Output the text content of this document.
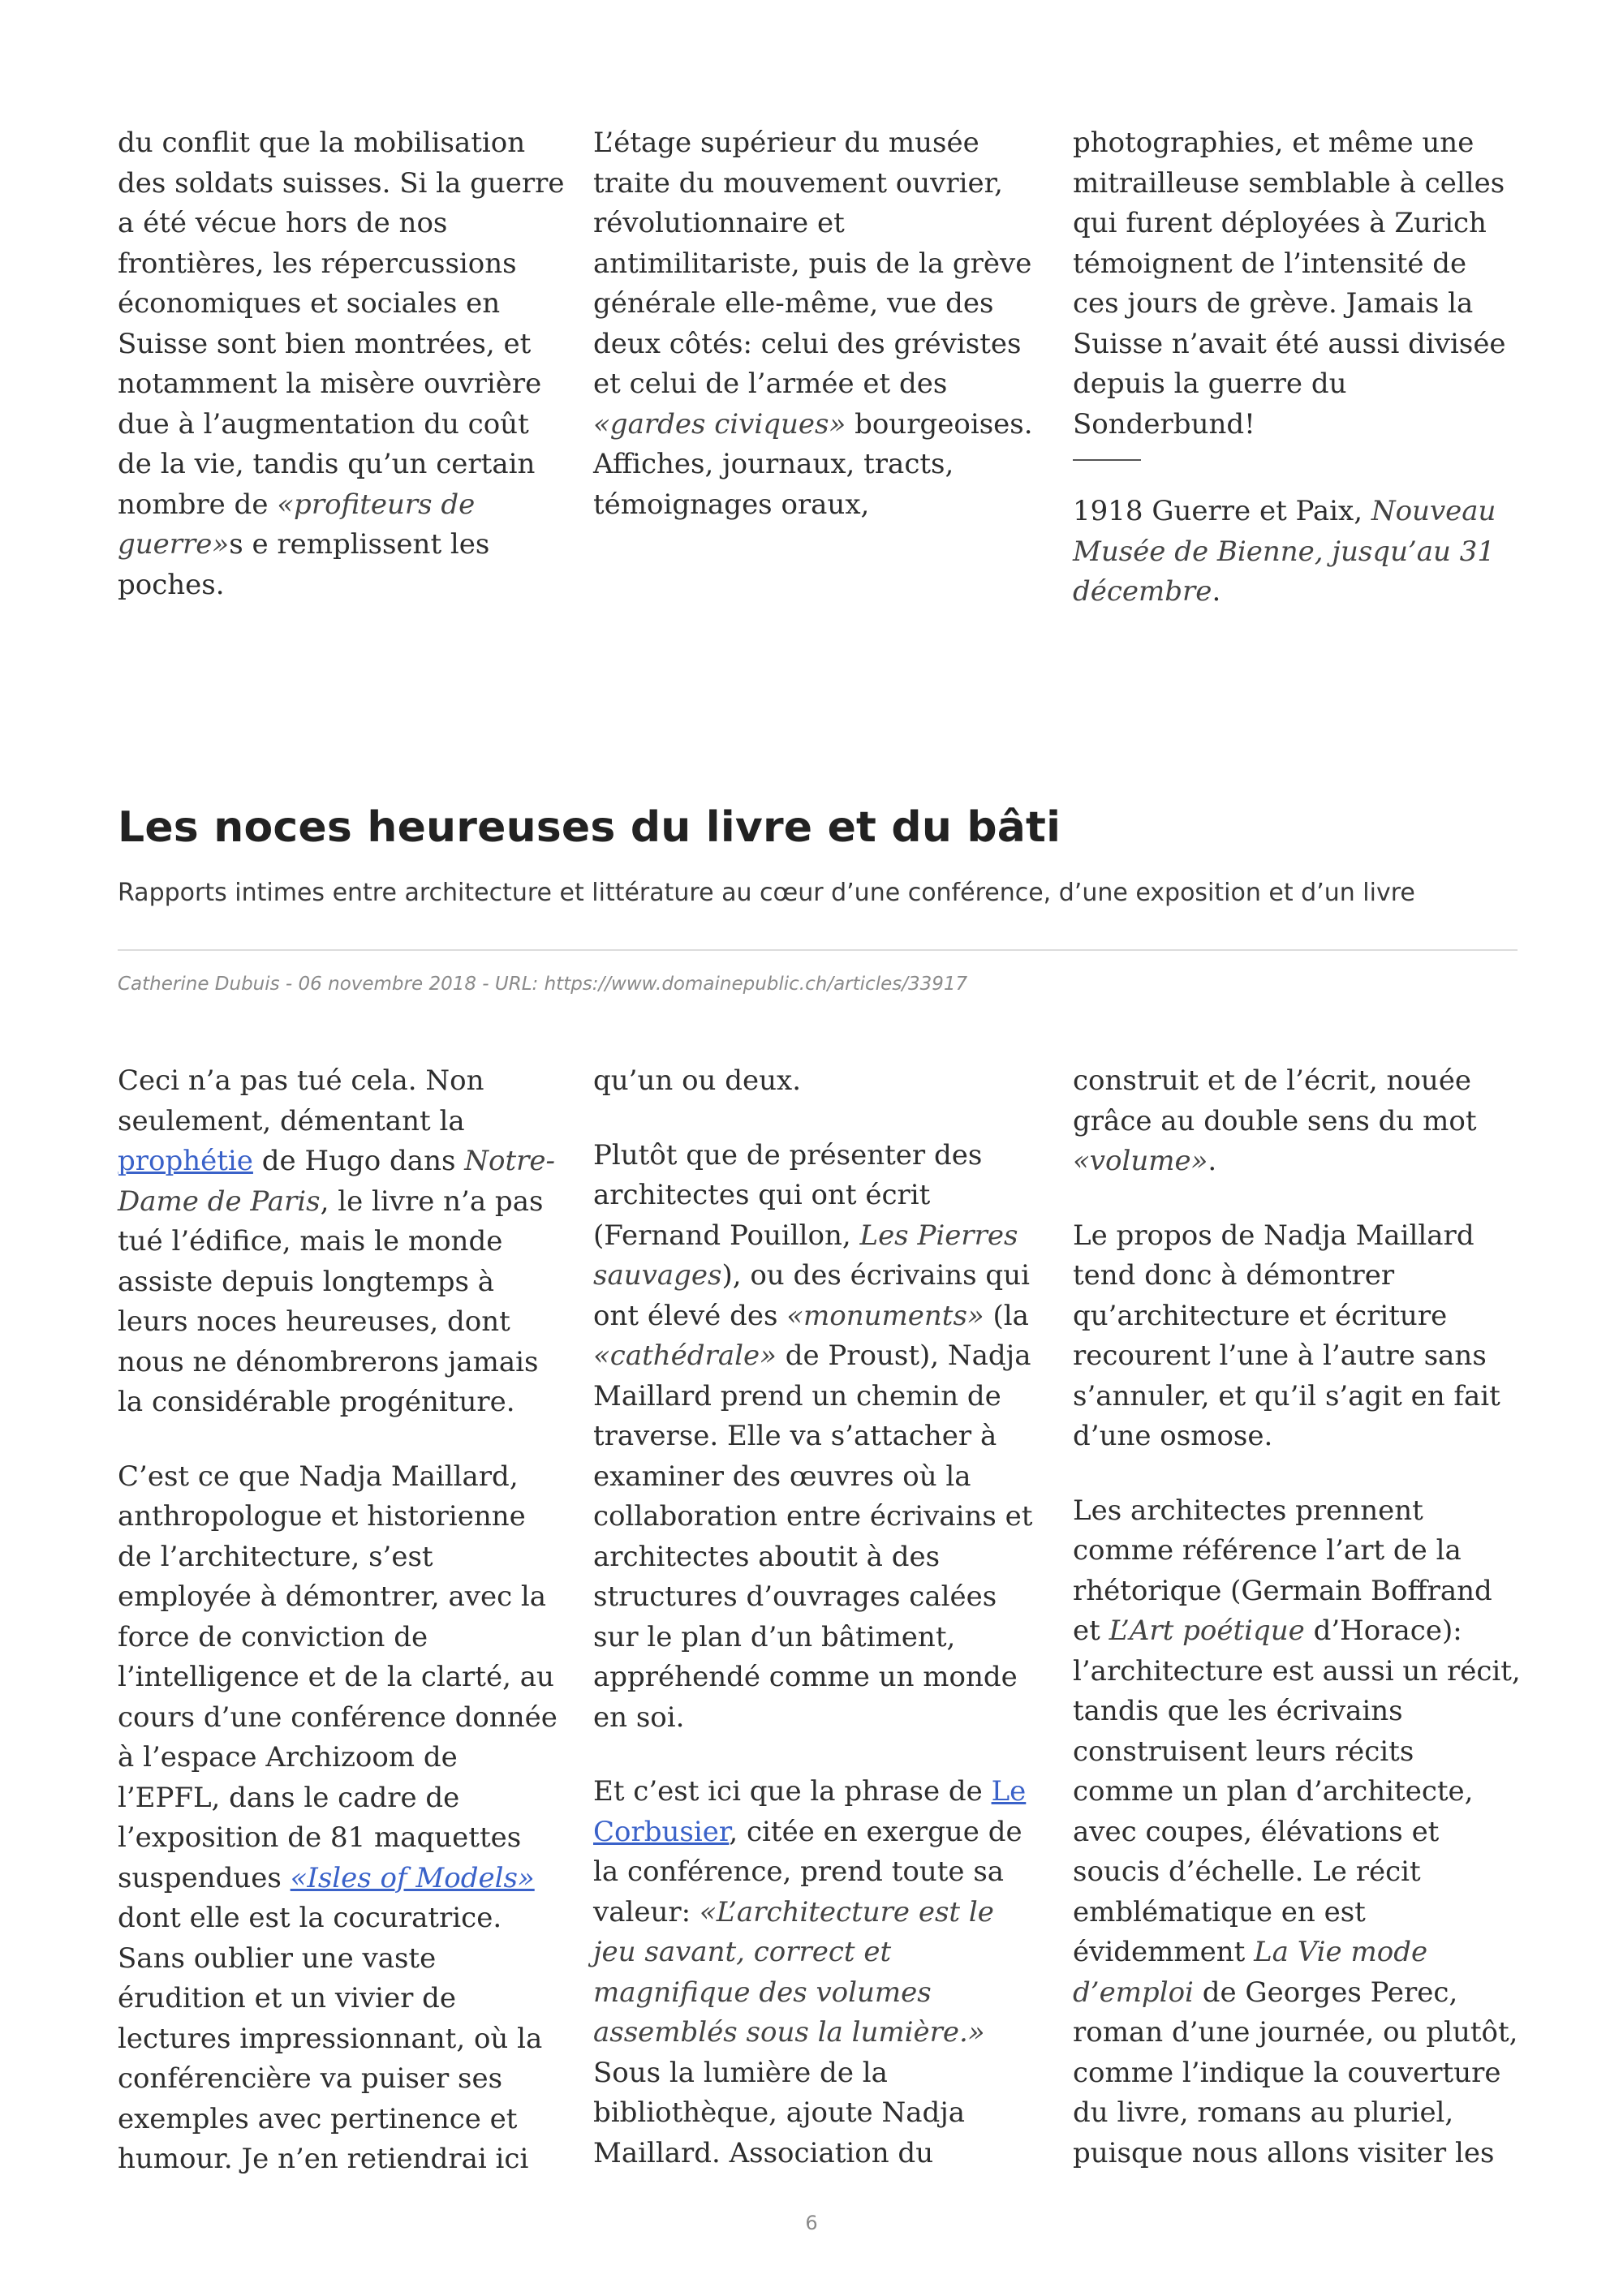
du conflit que la mobilisation
des soldats suisses. Si la guerre
a été vécue hors de nos
frontières, les répercussions
économiques et sociales en
Suisse sont bien montrées, et
notamment la misère ouvrière
due à l’augmentation du coût
de la vie, tandis qu’un certain
nombre de «profiteurs de
guerre»s e remplissent les
poches.

L’étage supérieur du musée
traite du mouvement ouvrier,
révolutionnaire et
antimilitariste, puis de la grève
générale elle-même, vue des
deux côtés: celui des grévistes
et celui de l’armée et des
«gardes civiques» bourgeoises.
Affiches, journaux, tracts,
témoignages oraux,

photographies, et même une
mitrailleuse semblable à celles
qui furent déployées à Zurich
témoignent de l’intensité de
ces jours de grève. Jamais la
Suisse n’avait été aussi divisée
depuis la guerre du
Sonderbund!

1918 Guerre et Paix, Nouveau
Musée de Bienne, jusqu’au 31
décembre.

Les noces heureuses du livre et du bâti

Rapports intimes entre architecture et littérature au cœur d’une conférence, d’une exposition et d’un livre

Catherine Dubuis - 06 novembre 2018 - URL: https://www.domainepublic.ch/articles/33917

Ceci n’a pas tué cela. Non
seulement, démentant la
prophétie de Hugo dans Notre-
Dame de Paris, le livre n’a pas
tué l’édifice, mais le monde
assiste depuis longtemps à
leurs noces heureuses, dont
nous ne dénombrerons jamais
la considérable progéniture.

C’est ce que Nadja Maillard,
anthropologue et historienne
de l’architecture, s’est
employée à démontrer, avec la
force de conviction de
l’intelligence et de la clarté, au
cours d’une conférence donnée
à l’espace Archizoom de
l’EPFL, dans le cadre de
l’exposition de 81 maquettes
suspendues «Isles of Models»
dont elle est la cocuratrice.
Sans oublier une vaste
érudition et un vivier de
lectures impressionnant, où la
conférencière va puiser ses
exemples avec pertinence et
humour. Je n’en retiendrai ici

qu’un ou deux.

Plutôt que de présenter des
architectes qui ont écrit
(Fernand Pouillon, Les Pierres
sauvages), ou des écrivains qui
ont élevé des «monuments» (la
«cathédrale» de Proust), Nadja
Maillard prend un chemin de
traverse. Elle va s’attacher à
examiner des œuvres où la
collaboration entre écrivains et
architectes aboutit à des
structures d’ouvrages calées
sur le plan d’un bâtiment,
appréhendé comme un monde
en soi.

Et c’est ici que la phrase de Le
Corbusier, citée en exergue de
la conférence, prend toute sa
valeur: «L’architecture est le
jeu savant, correct et
magnifique des volumes
assemblés sous la lumière.»
Sous la lumière de la
bibliothèque, ajoute Nadja
Maillard. Association du

construit et de l’écrit, nouée
grâce au double sens du mot
«volume».

Le propos de Nadja Maillard
tend donc à démontrer
qu’architecture et écriture
recourent l’une à l’autre sans
s’annuler, et qu’il s’agit en fait
d’une osmose.

Les architectes prennent
comme référence l’art de la
rhétorique (Germain Boffrand
et L’Art poétique d’Horace):
l’architecture est aussi un récit,
tandis que les écrivains
construisent leurs récits
comme un plan d’architecte,
avec coupes, élévations et
soucis d’échelle. Le récit
emblématique en est
évidemment La Vie mode
d’emploi de Georges Perec,
roman d’une journée, ou plutôt,
comme l’indique la couverture
du livre, romans au pluriel,
puisque nous allons visiter les

6
